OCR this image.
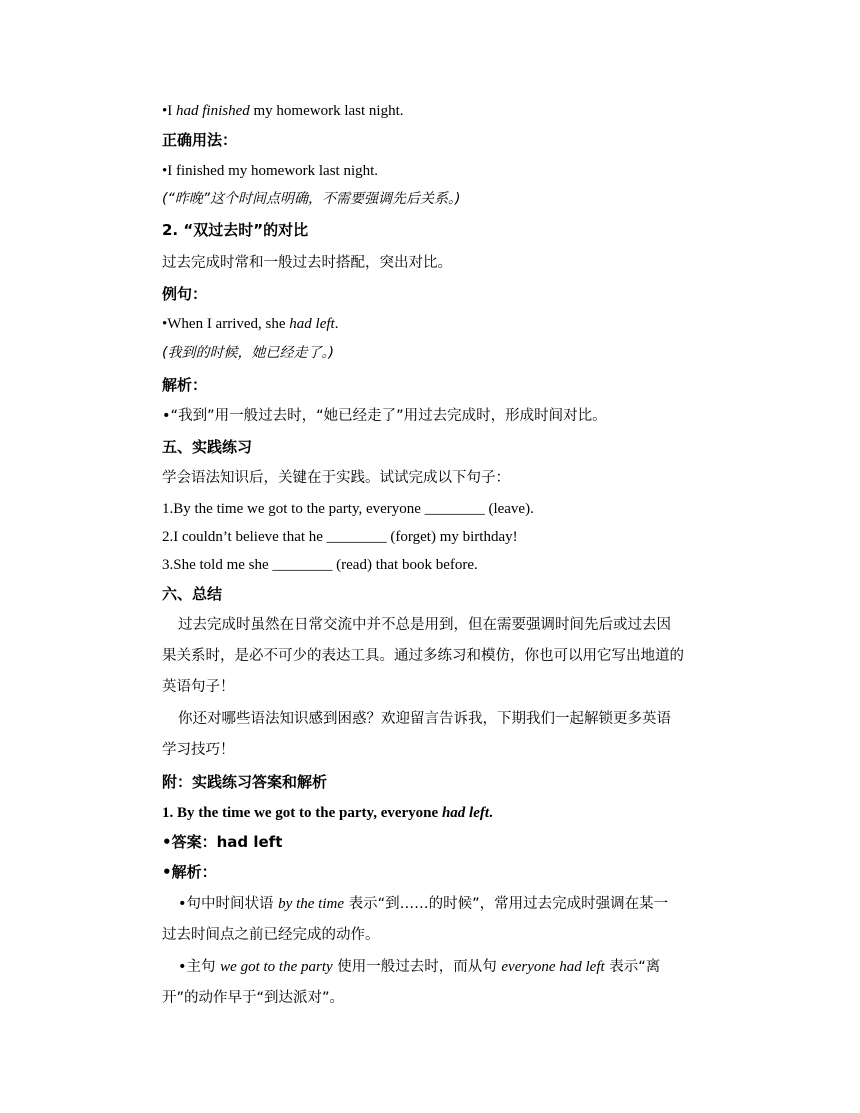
•I had finished my homework last night.
正确用法：
•I finished my homework last night.
(“昨晚”这个时间点明确，不需要强调先后关系。)
2. “双过去时”的对比
过去完成时常和一般过去时搭配，突出对比。
例句：
•When I arrived, she had left.
(我到的时候，她已经走了。)
解析：
•“我到”用一般过去时，“她已经走了”用过去完成时，形成时间对比。
五、实践练习
学会语法知识后，关键在于实践。试试完成以下句子：
1.By the time we got to the party, everyone ________ (leave).
2.I couldn’t believe that he ________ (forget) my birthday!
3.She told me she ________ (read) that book before.
六、总结
过去完成时虽然在日常交流中并不总是用到，但在需要强调时间先后或过去因
果关系时，是必不可少的表达工具。通过多练习和模仿，你也可以用它写出地道的
英语句子！
你还对哪些语法知识感到困惑？欢迎留言告诉我，下期我们一起解锁更多英语
学习技巧！
附：实践练习答案和解析
1. By the time we got to the party, everyone had left.
•答案：had left
•解析：
•句中时间状语 by the time 表示“到……的时候”，常用过去完成时强调在某一
过去时间点之前已经完成的动作。
•主句 we got to the party 使用一般过去时，而从句 everyone had left 表示“离
开”的动作早于“到达派对”。
